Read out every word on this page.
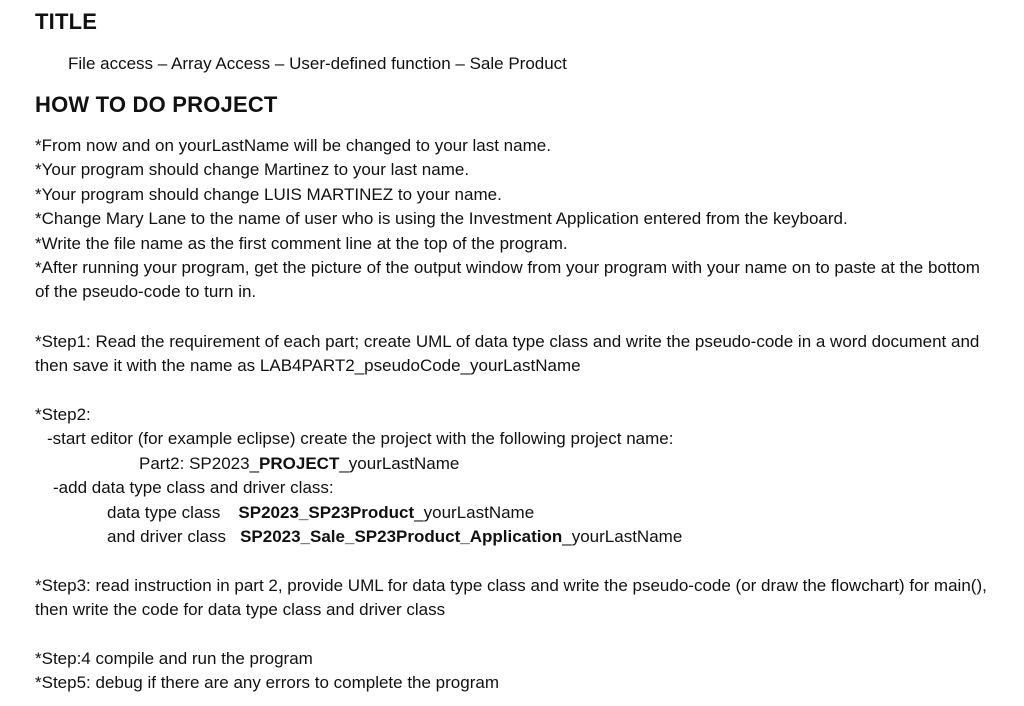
TITLE
File access – Array Access – User-defined function – Sale Product
HOW TO DO PROJECT

*From now and on yourLastName will be changed to your last name.

*Your program should change Martinez to your last name.

*Your program should change LUIS MARTINEZ to your name.

*Change Mary Lane to the name of user who is using the Investment Application entered from the keyboard.

*Write the file name as the first comment line at the top of the program.

*After running your program, get the picture of the output window from your program with your name on to paste at the bottom of the pseudo-code to turn in.

*Step1: Read the requirement of each part; create UML of data type class and write the pseudo-code in a word document and then save it with the name as LAB4PART2_pseudoCode_yourLastName

*Step2:

-start editor (for example eclipse) create the project with the following project name:

Part2: SP2023_PROJECT_yourLastName

-add data type class and driver class:

data type class SP2023_SP23Product_yourLastName

and driver class SP2023_Sale_SP23Product_Application_yourLastName

*Step3: read instruction in part 2, provide UML for data type class and write the pseudo-code (or draw the flowchart) for main(), then write the code for data type class and driver class

*Step:4 compile and run the program

*Step5: debug if there are any errors to complete the program
